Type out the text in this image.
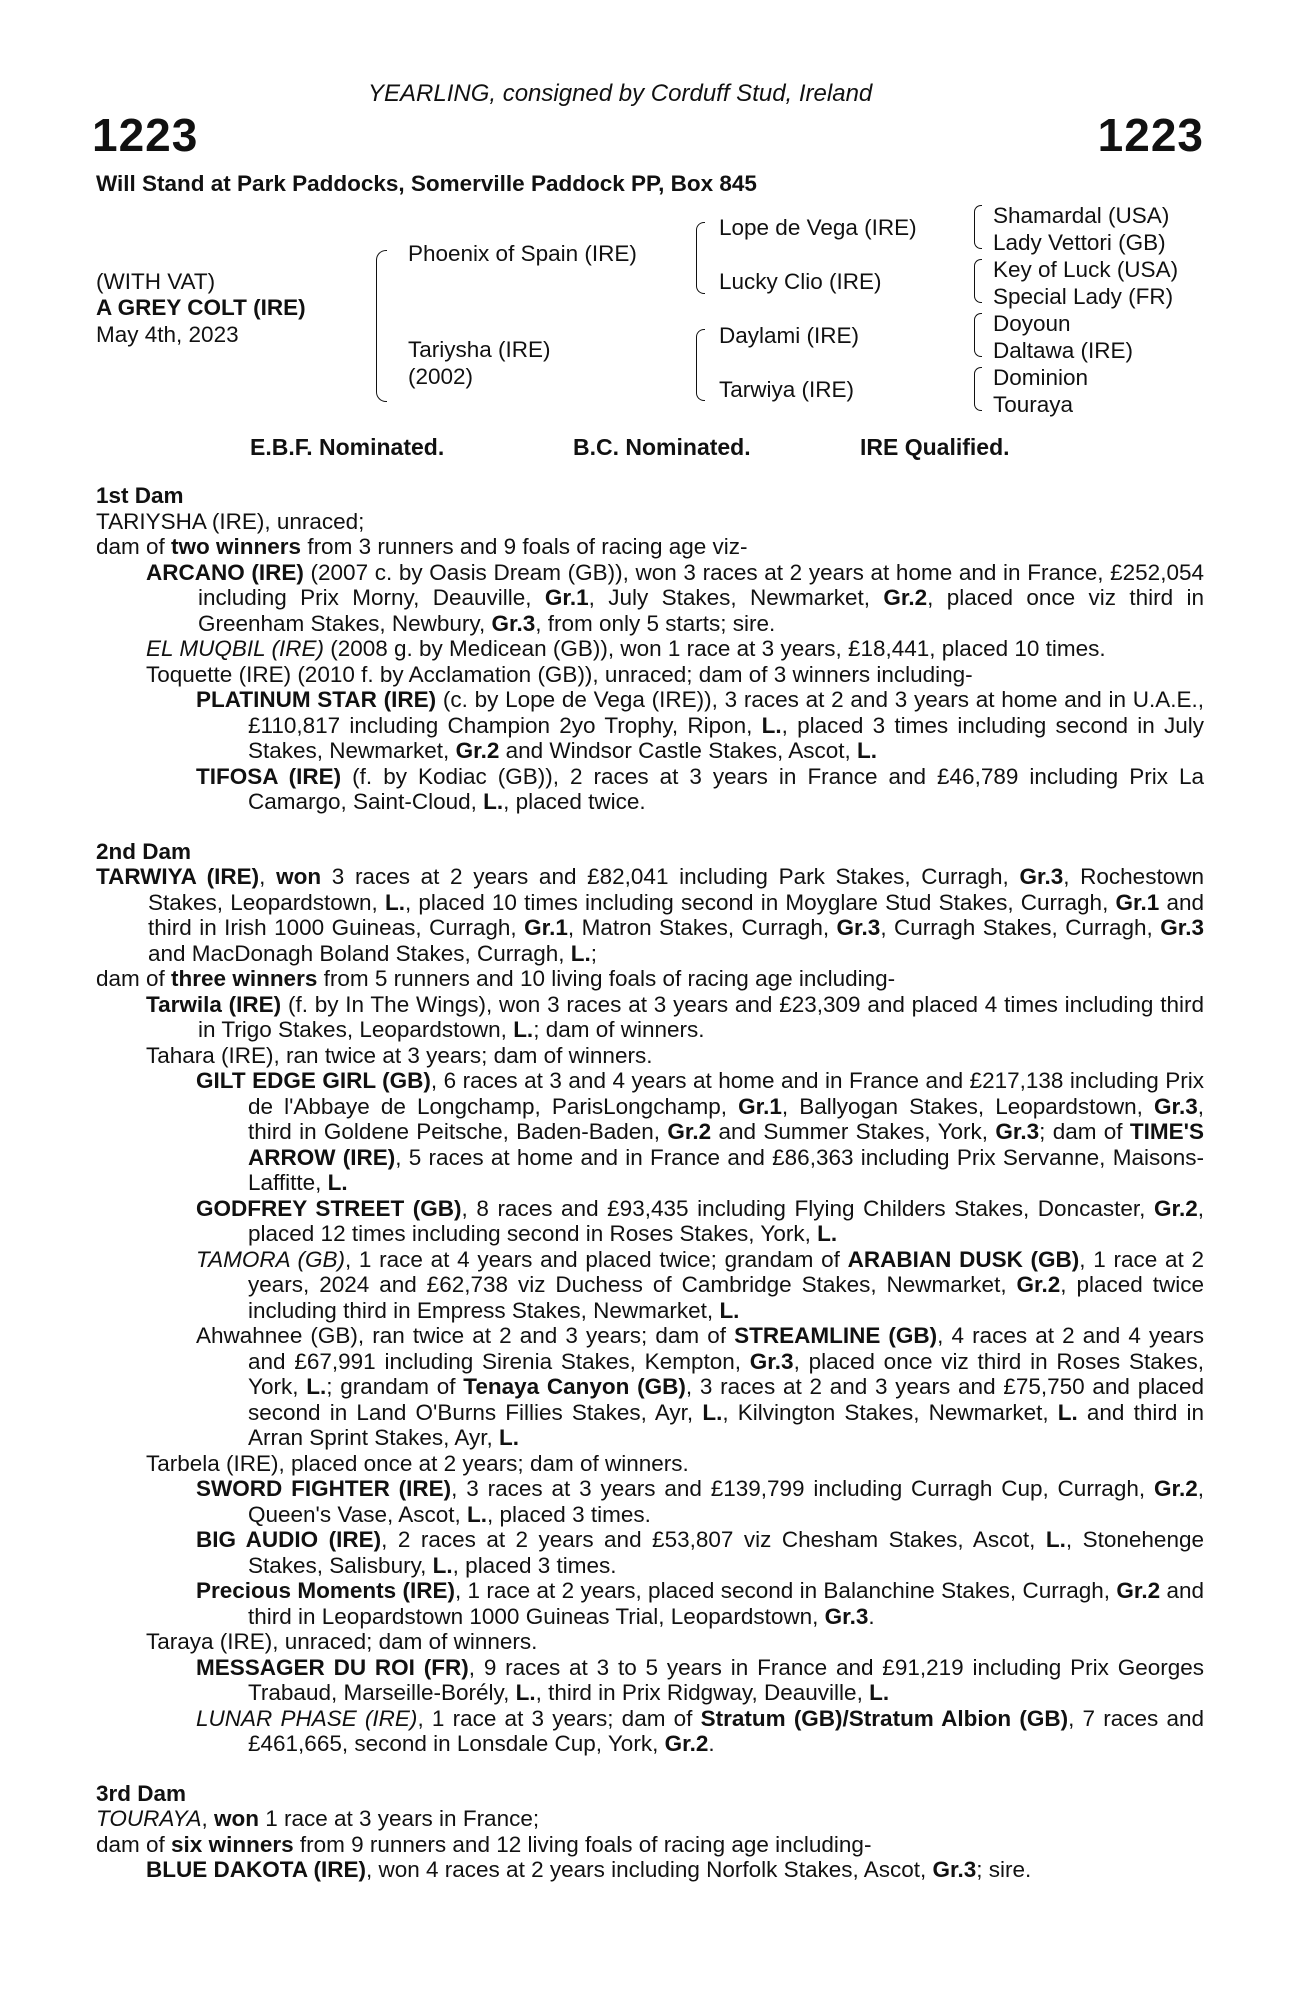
YEARLING, consigned by Corduff Stud, Ireland
1223	1223
Will Stand at Park Paddocks, Somerville Paddock PP, Box 845
(WITH VAT)
A GREY COLT (IRE)
May 4th, 2023
Phoenix of Spain (IRE)
Tariysha (IRE)
(2002)
Lope de Vega (IRE)
Lucky Clio (IRE)
Daylami (IRE)
Tarwiya (IRE)
Shamardal (USA)
Lady Vettori (GB)
Key of Luck (USA)
Special Lady (FR)
Doyoun
Daltawa (IRE)
Dominion
Touraya
E.B.F. Nominated.	B.C. Nominated.	IRE Qualified.

1st Dam

TARIYSHA (IRE), unraced;

dam of two winners from 3 runners and 9 foals of racing age viz-

ARCANO (IRE) (2007 c. by Oasis Dream (GB)), won 3 races at 2 years at home and in France, £252,054 including Prix Morny, Deauville, Gr.1, July Stakes, Newmarket, Gr.2, placed once viz third in Greenham Stakes, Newbury, Gr.3, from only 5 starts; sire.

EL MUQBIL (IRE) (2008 g. by Medicean (GB)), won 1 race at 3 years, £18,441, placed 10 times.

Toquette (IRE) (2010 f. by Acclamation (GB)), unraced; dam of 3 winners including-

PLATINUM STAR (IRE) (c. by Lope de Vega (IRE)), 3 races at 2 and 3 years at home and in U.A.E., £110,817 including Champion 2yo Trophy, Ripon, L., placed 3 times including second in July Stakes, Newmarket, Gr.2 and Windsor Castle Stakes, Ascot, L.

TIFOSA (IRE) (f. by Kodiac (GB)), 2 races at 3 years in France and £46,789 including Prix La Camargo, Saint-Cloud, L., placed twice.

2nd Dam

TARWIYA (IRE), won 3 races at 2 years and £82,041 including Park Stakes, Curragh, Gr.3, Rochestown Stakes, Leopardstown, L., placed 10 times including second in Moyglare Stud Stakes, Curragh, Gr.1 and third in Irish 1000 Guineas, Curragh, Gr.1, Matron Stakes, Curragh, Gr.3, Curragh Stakes, Curragh, Gr.3 and MacDonagh Boland Stakes, Curragh, L.;

dam of three winners from 5 runners and 10 living foals of racing age including-

Tarwila (IRE) (f. by In The Wings), won 3 races at 3 years and £23,309 and placed 4 times including third in Trigo Stakes, Leopardstown, L.; dam of winners.

Tahara (IRE), ran twice at 3 years; dam of winners.

GILT EDGE GIRL (GB), 6 races at 3 and 4 years at home and in France and £217,138 including Prix de l'Abbaye de Longchamp, ParisLongchamp, Gr.1, Ballyogan Stakes, Leopardstown, Gr.3, third in Goldene Peitsche, Baden-Baden, Gr.2 and Summer Stakes, York, Gr.3; dam of TIME'S ARROW (IRE), 5 races at home and in France and £86,363 including Prix Servanne, Maisons-Laffitte, L.

GODFREY STREET (GB), 8 races and £93,435 including Flying Childers Stakes, Doncaster, Gr.2, placed 12 times including second in Roses Stakes, York, L.

TAMORA (GB), 1 race at 4 years and placed twice; grandam of ARABIAN DUSK (GB), 1 race at 2 years, 2024 and £62,738 viz Duchess of Cambridge Stakes, Newmarket, Gr.2, placed twice including third in Empress Stakes, Newmarket, L.

Ahwahnee (GB), ran twice at 2 and 3 years; dam of STREAMLINE (GB), 4 races at 2 and 4 years and £67,991 including Sirenia Stakes, Kempton, Gr.3, placed once viz third in Roses Stakes, York, L.; grandam of Tenaya Canyon (GB), 3 races at 2 and 3 years and £75,750 and placed second in Land O'Burns Fillies Stakes, Ayr, L., Kilvington Stakes, Newmarket, L. and third in Arran Sprint Stakes, Ayr, L.

Tarbela (IRE), placed once at 2 years; dam of winners.

SWORD FIGHTER (IRE), 3 races at 3 years and £139,799 including Curragh Cup, Curragh, Gr.2, Queen's Vase, Ascot, L., placed 3 times.

BIG AUDIO (IRE), 2 races at 2 years and £53,807 viz Chesham Stakes, Ascot, L., Stonehenge Stakes, Salisbury, L., placed 3 times.

Precious Moments (IRE), 1 race at 2 years, placed second in Balanchine Stakes, Curragh, Gr.2 and third in Leopardstown 1000 Guineas Trial, Leopardstown, Gr.3.

Taraya (IRE), unraced; dam of winners.

MESSAGER DU ROI (FR), 9 races at 3 to 5 years in France and £91,219 including Prix Georges Trabaud, Marseille-Borély, L., third in Prix Ridgway, Deauville, L.

LUNAR PHASE (IRE), 1 race at 3 years; dam of Stratum (GB)/Stratum Albion (GB), 7 races and £461,665, second in Lonsdale Cup, York, Gr.2.

3rd Dam

TOURAYA, won 1 race at 3 years in France;

dam of six winners from 9 runners and 12 living foals of racing age including-

BLUE DAKOTA (IRE), won 4 races at 2 years including Norfolk Stakes, Ascot, Gr.3; sire.
